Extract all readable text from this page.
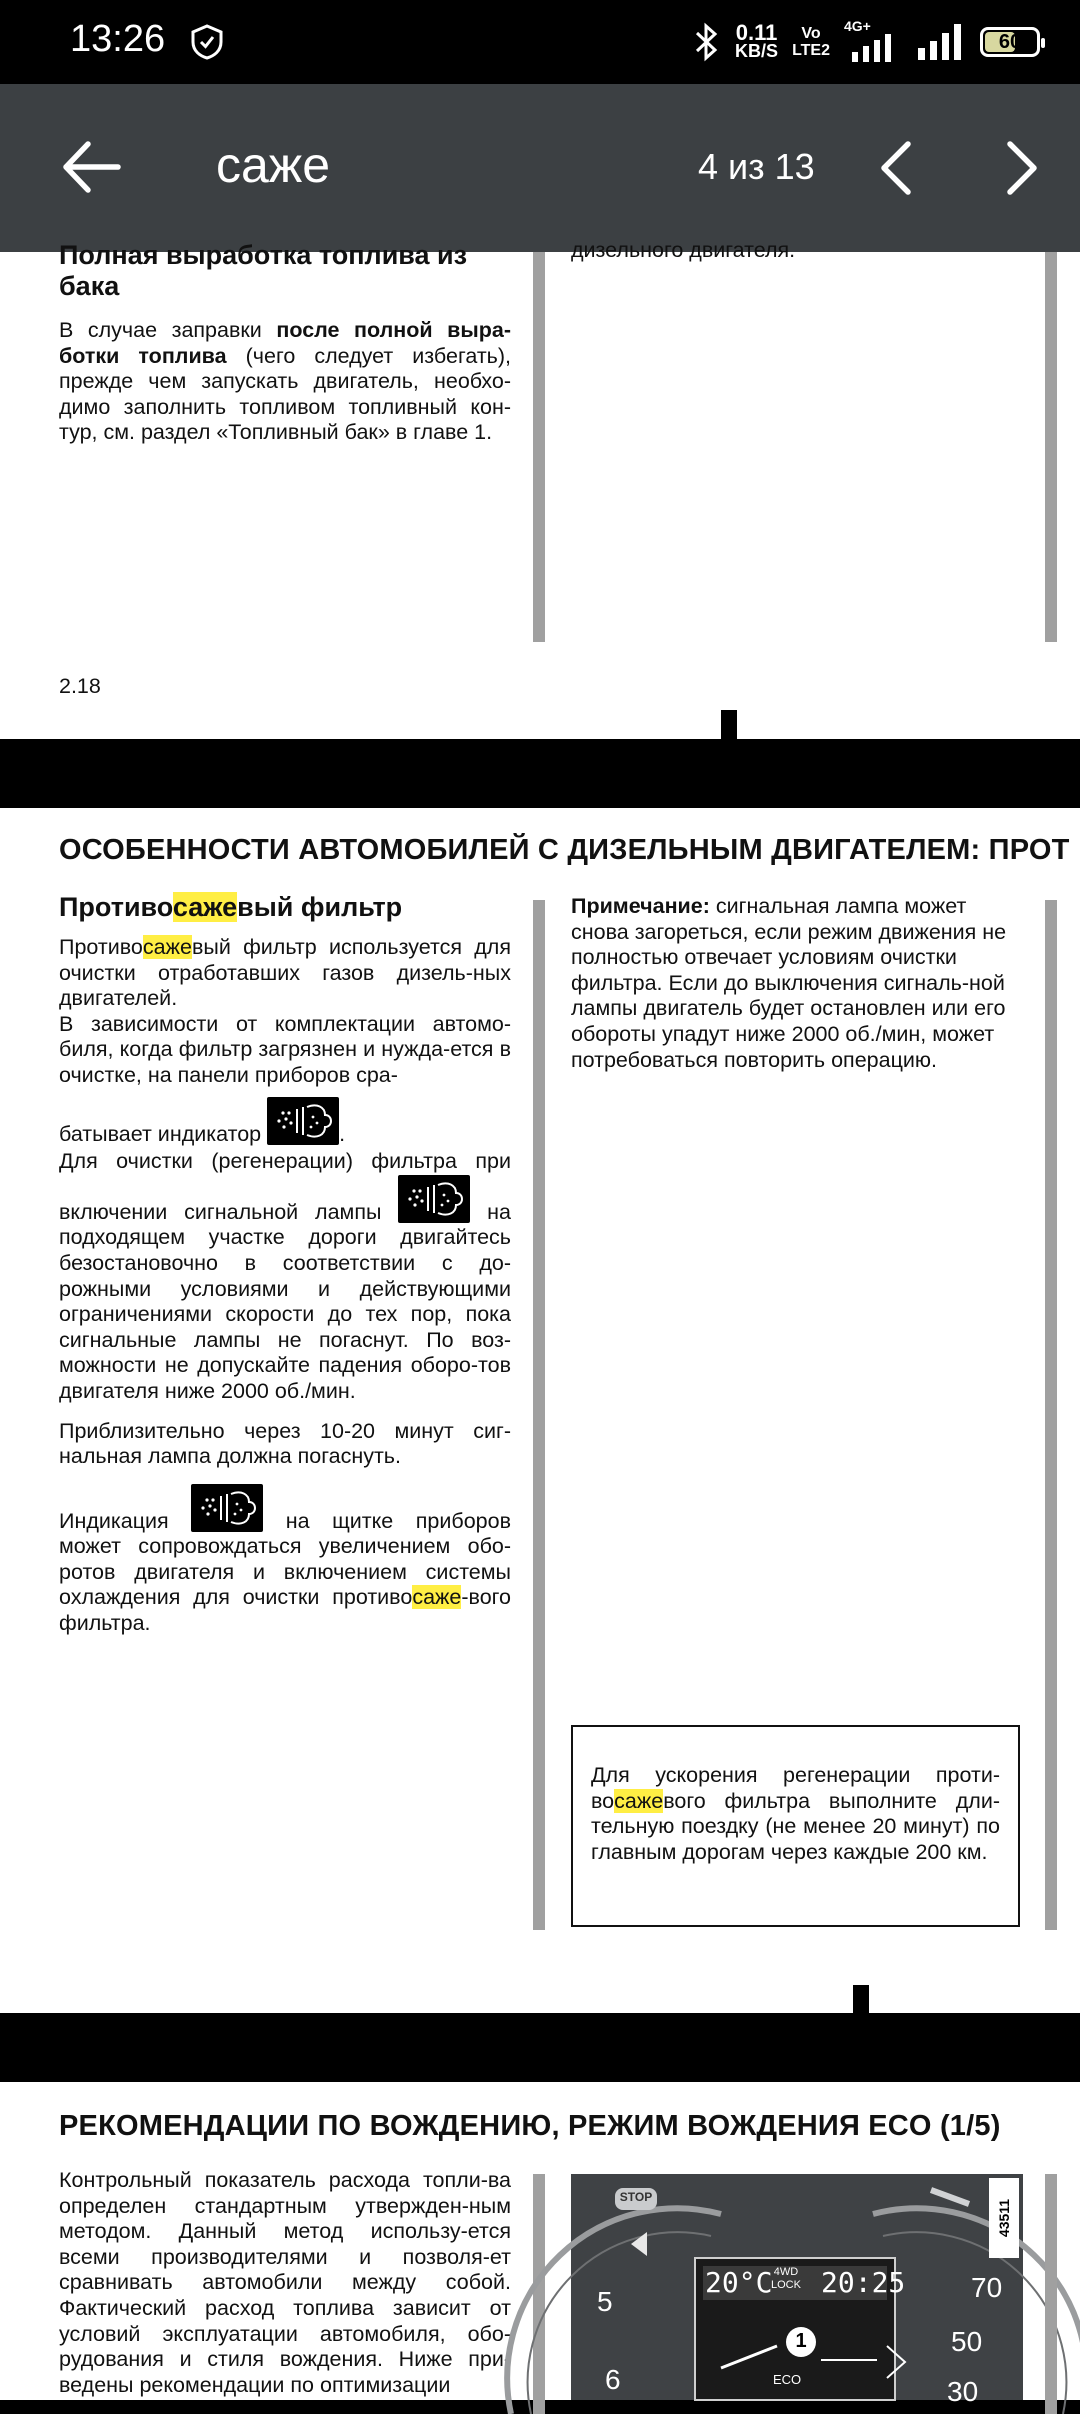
13:26	0.11
KB/S
Vo
LTE2
4G+
60
саже	4 из 13
Полная выработка топлива из
бака
В случае заправки после полной выра-ботки топлива (чего следует избегать), прежде чем запускать двигатель, необхо-димо заполнить топливом топливный кон-тур, см. раздел «Топливный бак» в главе 1.
дизельного двигателя.
2.18
ОСОБЕННОСТИ АВТОМОБИЛЕЙ С ДИЗЕЛЬНЫМ ДВИГАТЕЛЕМ: ПРОТ
Противосажевый фильтр
Противосажевый фильтр используется для очистки отработавших газов дизель-ных двигателей.
В зависимости от комплектации автомо-биля, когда фильтр загрязнен и нужда-ется в очистке, на панели приборов сра-
батывает индикатор	.
Для очистки (регенерации) фильтра при включении сигнальной лампы	на подходящем участке дороги двигайтесь безостановочно в соответствии с до-рожными условиями и действующими ограничениями скорости до тех пор, пока сигнальные лампы не погаснут. По воз-можности не допускайте падения оборо-тов двигателя ниже 2000 об./мин.
Приблизительно через 10-20 минут сиг-нальная лампа должна погаснуть.
Индикация	на щитке приборов может сопровождаться увеличением обо-ротов двигателя и включением системы охлаждения для очистки противосаже-вого фильтра.
Примечание: сигнальная лампа может снова загореться, если режим движения не полностью отвечает условиям очистки фильтра. Если до выключения сигналь-ной лампы двигатель будет остановлен или его обороты упадут ниже 2000 об./мин, может потребоваться повторить операцию.
Для ускорения регенерации проти-восажевого фильтра выполните дли-тельную поездку (не менее 20 минут) по главным дорогам через каждые 200 км.
РЕКОМЕНДАЦИИ ПО ВОЖДЕНИЮ, РЕЖИМ ВОЖДЕНИЯ ECO (1/5)
Контрольный показатель расхода топли-ва определен стандартным утвержден-ным методом. Данный метод использу-ется всеми производителями и позволя-ет сравнивать автомобили между собой. Фактический расход топлива зависит от условий эксплуатации автомобиля, обо-рудования и стиля вождения. Ниже при-ведены рекомендации по оптимизации
STOP
20°C 4WD
LOCK 20:25
1
ECO
5
6
70
50
30
43511
